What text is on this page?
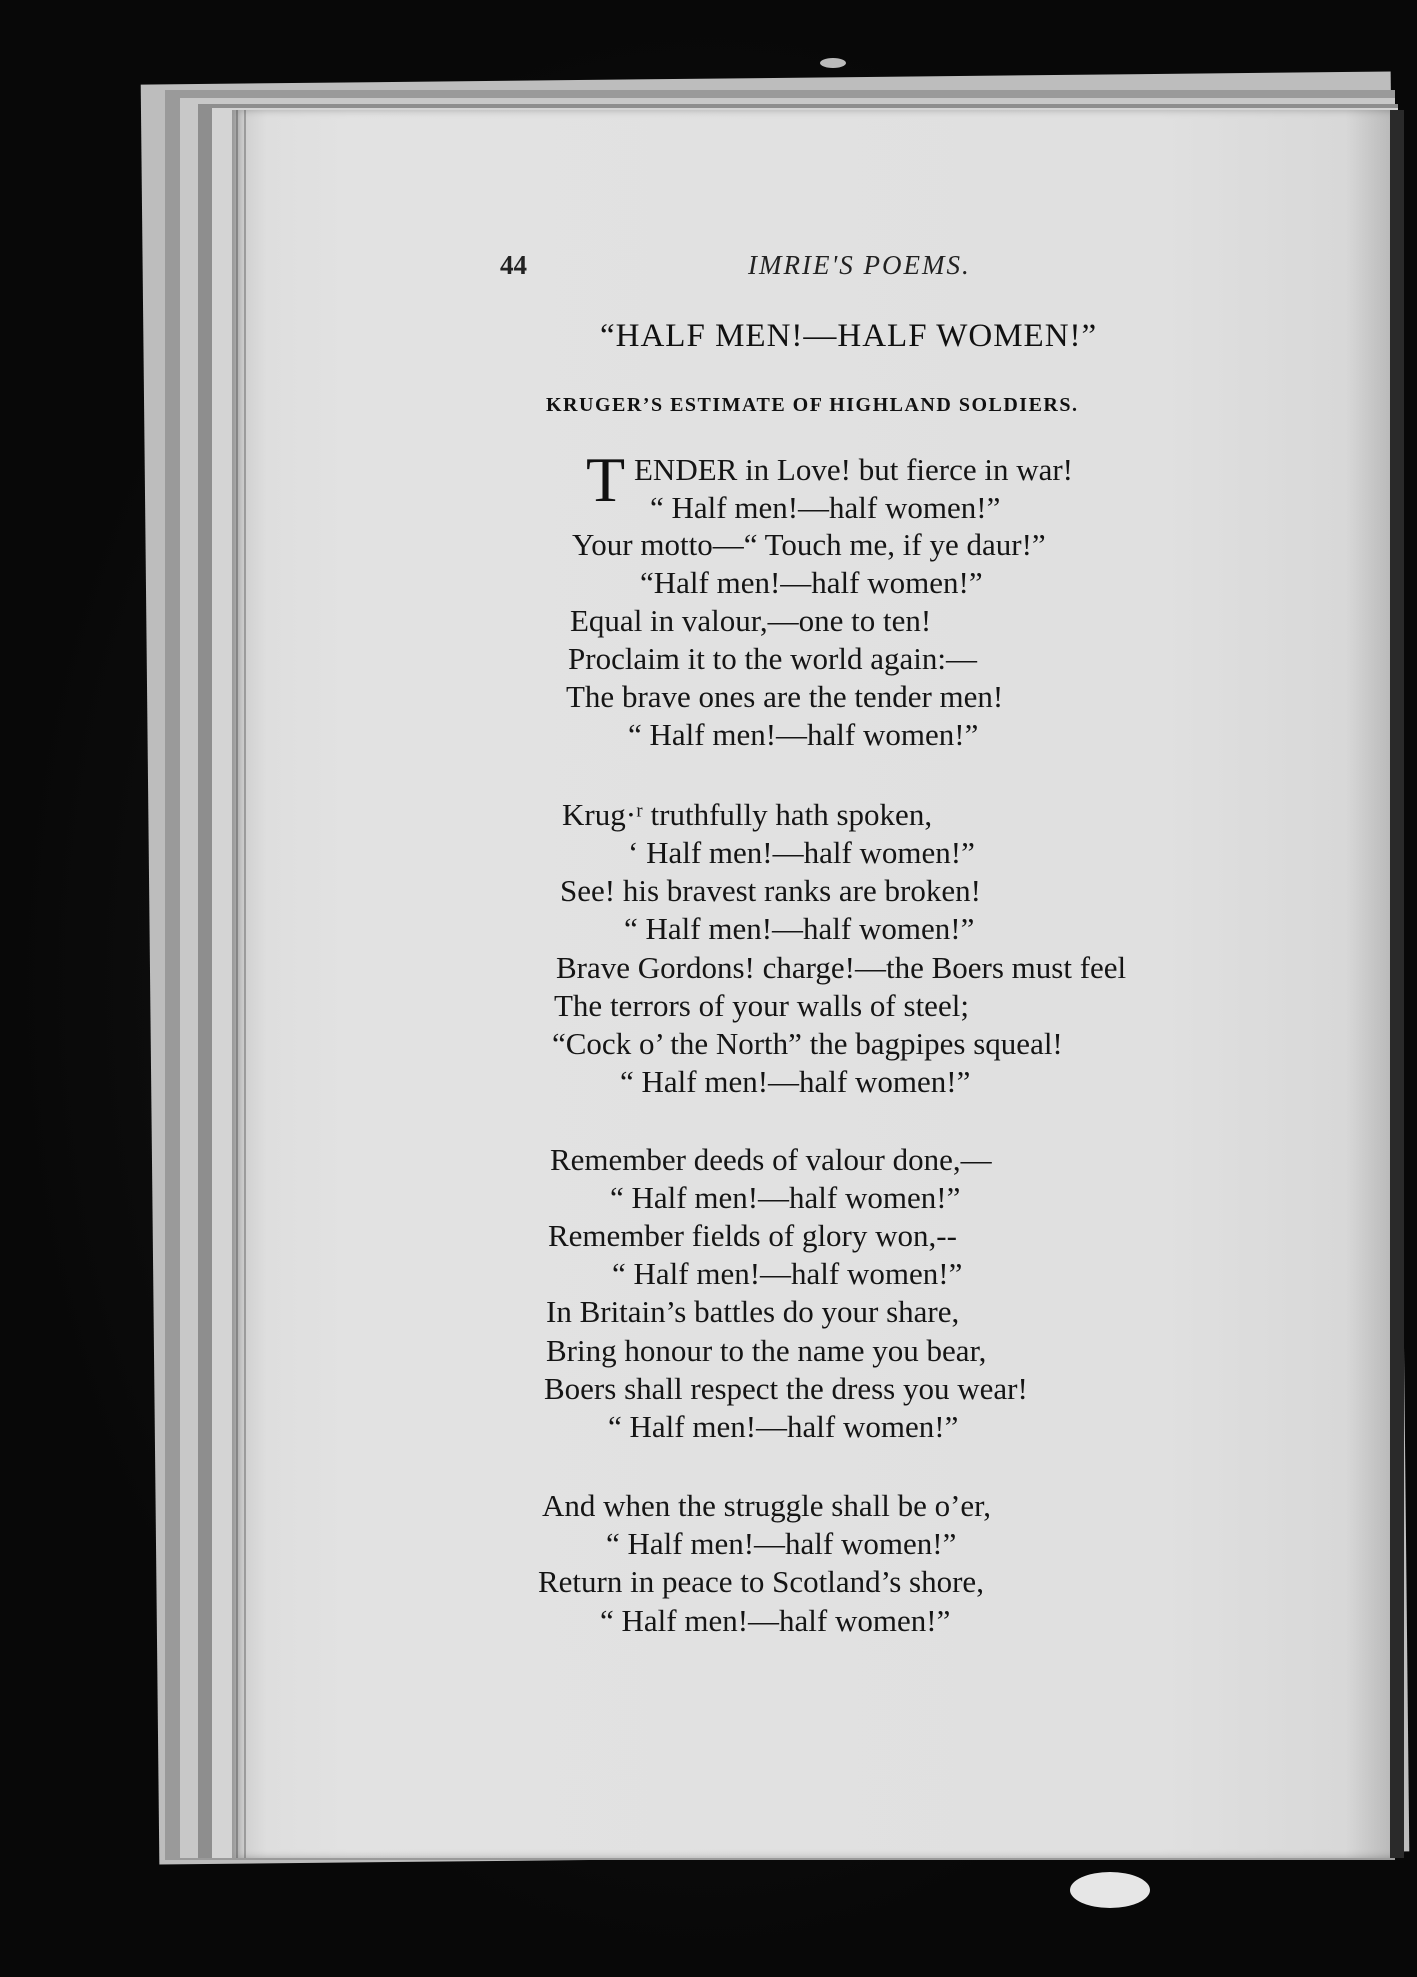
44	IMRIE'S POEMS.
“HALF MEN!—HALF WOMEN!”
KRUGER’S ESTIMATE OF HIGHLAND SOLDIERS.
T ENDER in Love! but fierce in war!
“ Half men!—half women!”
Your motto—“ Touch me, if ye daur!”
“Half men!—half women!”
Equal in valour,—one to ten!
Proclaim it to the world again:—
The brave ones are the tender men!
“ Half men!—half women!”
Krug·ʳ truthfully hath spoken,
‘ Half men!—half women!”
See! his bravest ranks are broken!
“ Half men!—half women!”
Brave Gordons! charge!—the Boers must feel
The terrors of your walls of steel;
“Cock o’ the North” the bagpipes squeal!
“ Half men!—half women!”
Remember deeds of valour done,—
“ Half men!—half women!”
Remember fields of glory won,--
“ Half men!—half women!”
In Britain’s battles do your share,
Bring honour to the name you bear,
Boers shall respect the dress you wear!
“ Half men!—half women!”
And when the struggle shall be o’er,
“ Half men!—half women!”
Return in peace to Scotland’s shore,
“ Half men!—half women!”
